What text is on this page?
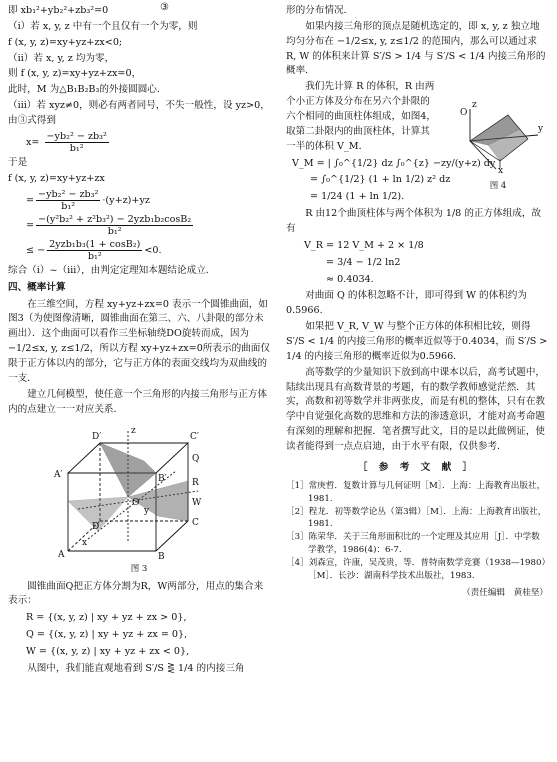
③
即 xb₁²+yb₂²+zb₃²=0
（ⅰ）若 x, y, z 中有一个且仅有一个为零，则
f (x, y, z)=xy+yz+zx<0;
（ⅱ）若 x, y, z 均为零，
则 f (x, y, z)=xy+yz+zx=0，
此时，M 为△B₁B₂B₃的外接圆圆心．
（ⅲ）若 xyz≠0，则必有两者同号，不失一般性，设 yz>0，由③式得到
$x= \frac{\text{−yb₂² − zb₃²}}{\text{b₁²}}$
于是
f (x, y, z)=xy+yz+zx
= $\frac{\text{−yb₂² − zb₃²}}{\text{b₁²}} \cdot(y+z)+yz$
= $\frac{\text{−(y²b₂² + z²b₃²) − 2yzb₁b₂cosB₂}}{\text{b₁²}}$
≤ − $\frac{\text{2yzb₁b₃(1 + cosB₂)}}{\text{b₁²}} <0$.
综合（ⅰ）~（ⅲ），由判定定理知本题结论成立．
四、概率计算
在三维空间，方程 xy+yz+zx=0 表示一个圆锥曲面，如图3（为使图像清晰，圆锥曲面在第三、六、八卦限的部分未画出）．这个曲面可以看作三坐标轴绕DO旋转而成，因为 −1/2≤x, y, z≤1/2，所以方程 xy+yz+zx=0所表示的曲面仅限于正方体以内的部分，它与正方体的表面交线均为双曲线的一支．
建立几何模型，使任意一个三角形的内接三角形与正方体内的点建立一一对应关系．
D′	C′
A′	B′
D	C
A	B
O
Q
R
W
x
y
z
图 3
圆锥曲面Q把正方体分割为R，W两部分，用点的集合来表示：
R = {(x, y, z) | xy + yz + zx > 0},
Q = {(x, y, z) | xy + yz + zx = 0},
W = {(x, y, z) | xy + yz + zx < 0},
从图中，我们能直观地看到 S′/S ⋛ 1/4 的内接三角
形的分布情况．
如果内接三角形的顶点是随机选定的，即 x, y, z 独立地均匀分布在 −1/2≤x, y, z≤1/2 的范围内，那么可以通过求 R, W 的体积来计算 S′/S > 1/4 与 S′/S < 1/4 内接三角形的概率．
我们先计算 R 的体积，R 由两个小正方体及分布在另六个卦限的六个相同的曲顶柱体组成，如图4，取第二卦限内的曲顶柱体，计算其一半的体积 V_M．
V_M = | ∫₀^{1/2} dz ∫₀^{z} −zy/(y+z) dy |
= ∫₀^{1/2} (1 + ln 1/2) z² dz
= 1/24 (1 + ln 1/2).
O
z
y
x
图 4
R 由12个曲顶柱体与两个体积为 1/8 的正方体组成，故有
V_R = 12 V_M + 2 × 1/8
= 3/4 − 1/2 ln2
≈ 0.4034.
对曲面 Q 的体积忽略不计，即可得到 W 的体积约为0.5966.
如果把 V_R, V_W 与整个正方体的体积相比较，则得 S′/S < 1/4 的内接三角形的概率近似等于0.4034，而 S′/S > 1/4 的内接三角形的概率近似为0.5966.
高等数学的少量知识下放到高中课本以后，高考试题中，陆续出现具有高数背景的考题，有的数学教师感觉茫然．其实，高数和初等数学并非两张皮，而是有机的整体，只有在教学中自觉强化高数的思维和方法的渗透意识，才能对高考命题有深刻的理解和把握．笔者撰写此文，目的是以此做例证，使读者能得到一点点启迪，由于水平有限，仅供参考．
［ 参 考 文 献 ］
［1］常庚哲．复数计算与几何证明［M］．上海：上海教育出版社，1981.
［2］程龙．初等数学论丛（第3辑）［M］．上海：上海教育出版社，1981.
［3］陈荣华．关于三角形面积比的一个定理及其应用［J］．中学数学教学，1986(4)：6-7.
［4］刘森宣，许康，吴茂贵，等．普特南数学竞赛（1938—1980）［M］．长沙：湖南科学技术出版社，1983.
（责任编辑　黄桂坚）
